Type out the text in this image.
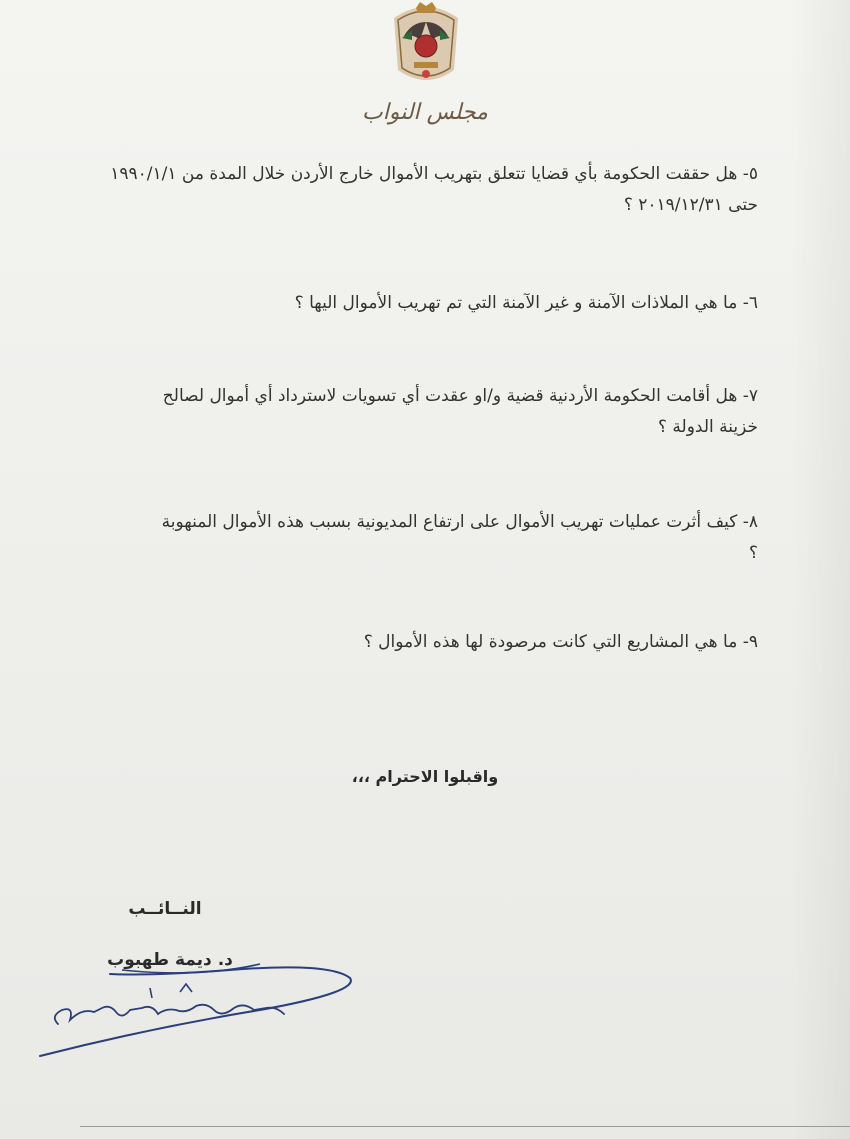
مجلس النواب
٥- هل حققت الحكومة بأي قضايا تتعلق بتهريب الأموال خارج الأردن خلال المدة من ١٩٩٠/١/١ حتى ٢٠١٩/١٢/٣١ ؟
٦- ما هي الملاذات الآمنة و غير الآمنة التي تم تهريب الأموال اليها ؟
٧- هل أقامت الحكومة الأردنية قضية و/او عقدت أي تسويات لاسترداد أي أموال لصالح خزينة الدولة ؟
٨- كيف أثرت عمليات تهريب الأموال على ارتفاع المديونية بسبب هذه الأموال المنهوبة ؟
٩- ما هي المشاريع التي كانت مرصودة لها هذه الأموال ؟
واقبلوا الاحترام ،،،
النــائــب
د. ديمة طهبوب
